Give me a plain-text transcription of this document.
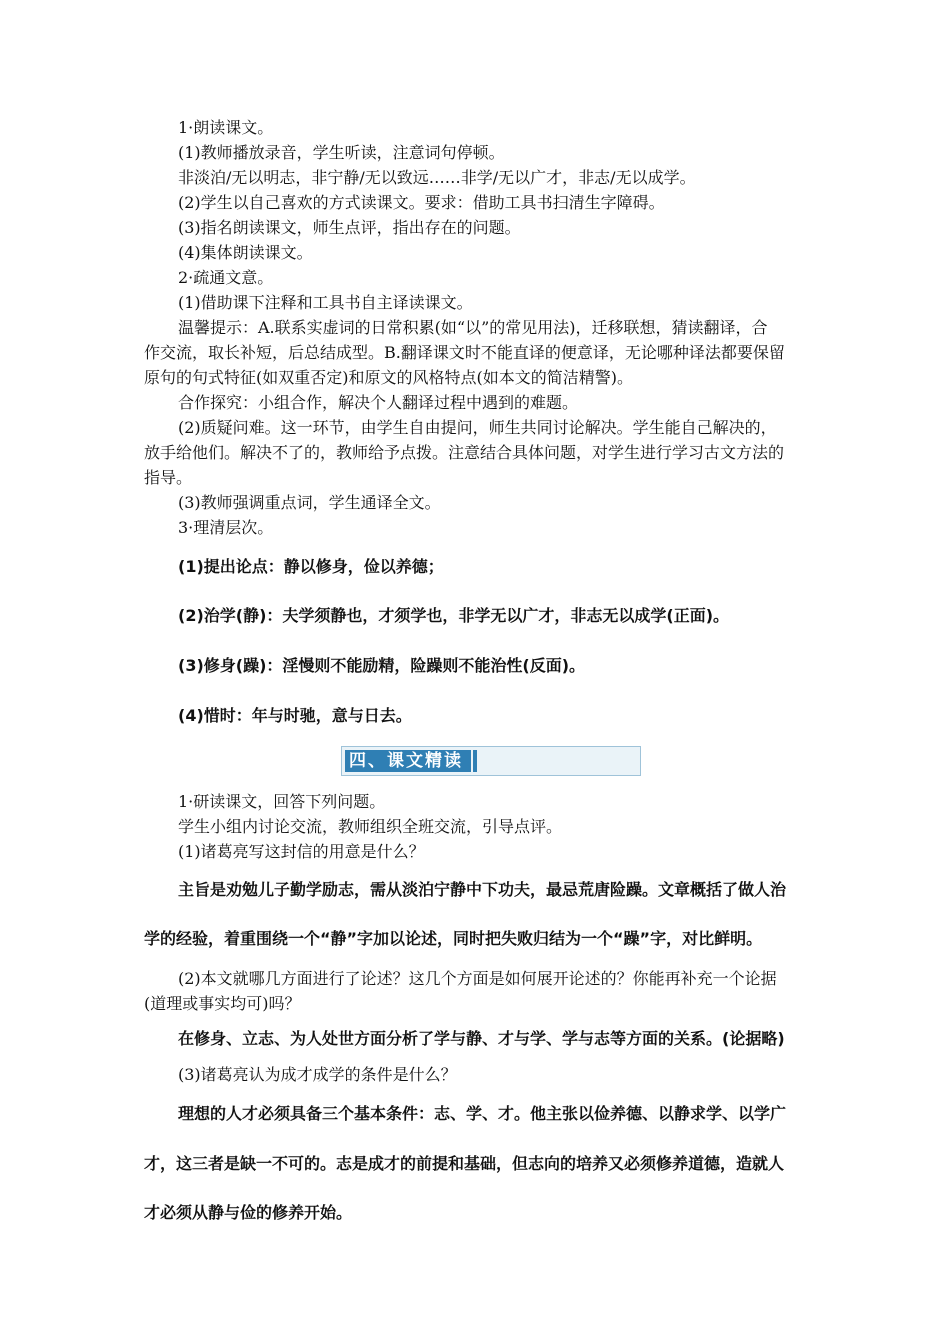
1·朗读课文。
(1)教师播放录音，学生听读，注意词句停顿。
非淡泊/无以明志，非宁静/无以致远……非学/无以广才，非志/无以成学。
(2)学生以自己喜欢的方式读课文。要求：借助工具书扫清生字障碍。
(3)指名朗读课文，师生点评，指出存在的问题。
(4)集体朗读课文。
2·疏通文意。
(1)借助课下注释和工具书自主译读课文。
温馨提示：A.联系实虚词的日常积累(如“以”的常见用法)，迁移联想，猜读翻译，合
作交流，取长补短，后总结成型。B.翻译课文时不能直译的便意译，无论哪种译法都要保留
原句的句式特征(如双重否定)和原文的风格特点(如本文的简洁精警)。
合作探究：小组合作，解决个人翻译过程中遇到的难题。
(2)质疑问难。这一环节，由学生自由提问，师生共同讨论解决。学生能自己解决的，
放手给他们。解决不了的，教师给予点拨。注意结合具体问题，对学生进行学习古文方法的
指导。
(3)教师强调重点词，学生通译全文。
3·理清层次。
(1)提出论点：静以修身，俭以养德；
(2)治学(静)：夫学须静也，才须学也，非学无以广才，非志无以成学(正面)。
(3)修身(躁)：淫慢则不能励精，险躁则不能治性(反面)。
(4)惜时：年与时驰，意与日去。
四、课文精读
1·研读课文，回答下列问题。
学生小组内讨论交流，教师组织全班交流，引导点评。
(1)诸葛亮写这封信的用意是什么？
主旨是劝勉儿子勤学励志，需从淡泊宁静中下功夫，最忌荒唐险躁。文章概括了做人治
学的经验，着重围绕一个“静”字加以论述，同时把失败归结为一个“躁”字，对比鲜明。
(2)本文就哪几方面进行了论述？这几个方面是如何展开论述的？你能再补充一个论据
(道理或事实均可)吗？
在修身、立志、为人处世方面分析了学与静、才与学、学与志等方面的关系。(论据略)
(3)诸葛亮认为成才成学的条件是什么？
理想的人才必须具备三个基本条件：志、学、才。他主张以俭养德、以静求学、以学广
才，这三者是缺一不可的。志是成才的前提和基础，但志向的培养又必须修养道德，造就人
才必须从静与俭的修养开始。
